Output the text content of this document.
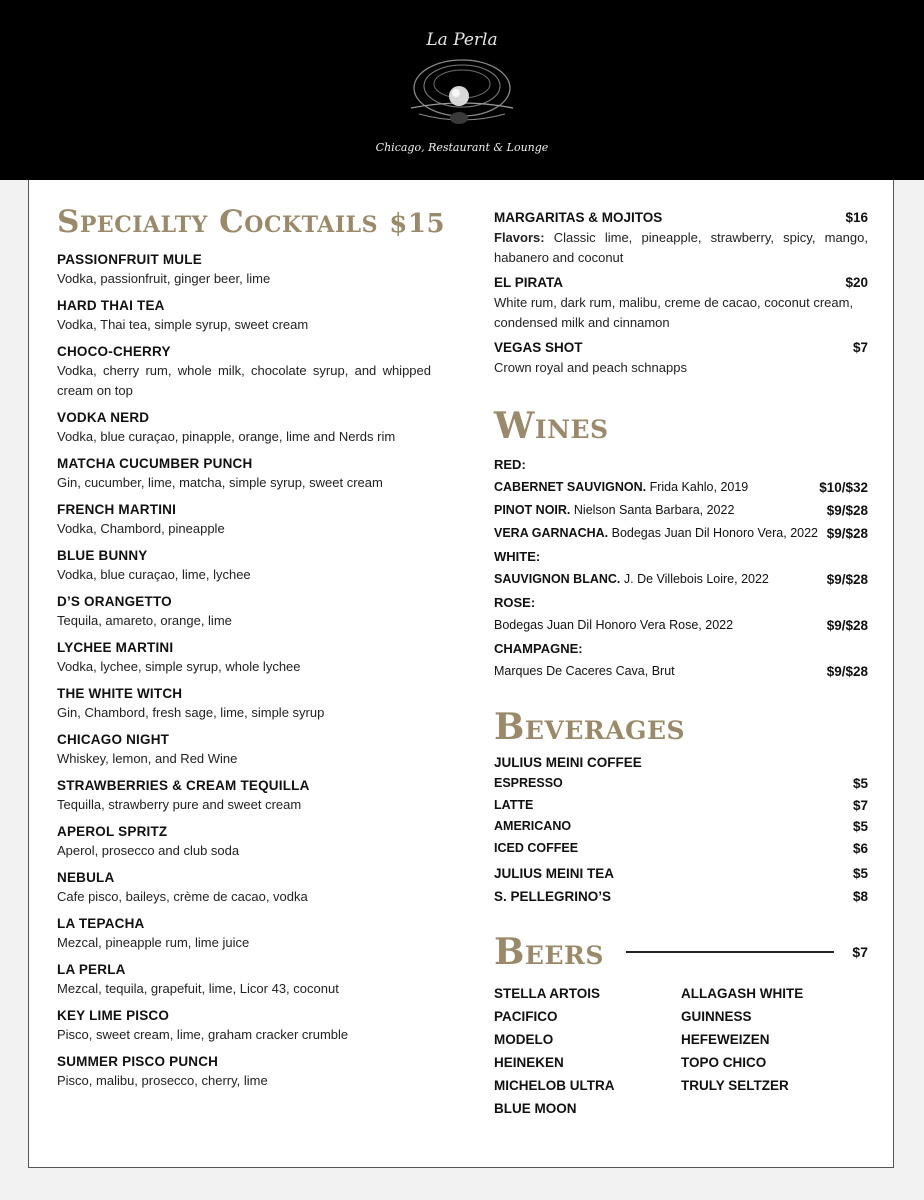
La Perla
Chicago, Restaurant & Lounge
Specialty Cocktails $15
PASSIONFRUIT MULE
Vodka, passionfruit, ginger beer, lime
HARD THAI TEA
Vodka, Thai tea, simple syrup, sweet cream
CHOCO-CHERRY
Vodka, cherry rum, whole milk, chocolate syrup, and whipped cream on top
VODKA NERD
Vodka, blue curaçao, pinapple, orange, lime and Nerds rim
MATCHA CUCUMBER PUNCH
Gin, cucumber, lime, matcha, simple syrup, sweet cream
FRENCH MARTINI
Vodka, Chambord, pineapple
BLUE BUNNY
Vodka, blue curaçao, lime, lychee
D’S ORANGETTO
Tequila, amareto, orange, lime
LYCHEE MARTINI
Vodka, lychee, simple syrup, whole lychee
THE WHITE WITCH
Gin, Chambord, fresh sage, lime, simple syrup
CHICAGO NIGHT
Whiskey, lemon, and Red Wine
STRAWBERRIES & CREAM TEQUILLA
Tequilla, strawberry pure and sweet cream
APEROL SPRITZ
Aperol, prosecco and club soda
NEBULA
Cafe pisco, baileys, crème de cacao, vodka
LA TEPACHA
Mezcal, pineapple rum, lime juice
LA PERLA
Mezcal, tequila, grapefuit, lime, Licor 43, coconut
KEY LIME PISCO
Pisco, sweet cream, lime, graham cracker crumble
SUMMER PISCO PUNCH
Pisco, malibu, prosecco, cherry, lime
MARGARITAS & MOJITOS	$16
Flavors: Classic lime, pineapple, strawberry, spicy, mango, habanero and coconut
EL PIRATA	$20
White rum, dark rum, malibu, creme de cacao, coconut cream, condensed milk and cinnamon
VEGAS SHOT	$7
Crown royal and peach schnapps
Wines
RED:
CABERNET SAUVIGNON. Frida Kahlo, 2019	$10/$32
PINOT NOIR. Nielson Santa Barbara, 2022	$9/$28
VERA GARNACHA. Bodegas Juan Dil Honoro Vera, 2022 $9/$28
WHITE:
SAUVIGNON BLANC. J. De Villebois Loire, 2022	$9/$28
ROSE:
Bodegas Juan Dil Honoro Vera Rose, 2022	$9/$28
CHAMPAGNE:
Marques De Caceres Cava, Brut	$9/$28
Beverages
JULIUS MEINI COFFEE
ESPRESSO	$5
LATTE	$7
AMERICANO	$5
ICED COFFEE	$6
JULIUS MEINI TEA	$5
S. PELLEGRINO’S	$8
Beers	$7
STELLA ARTOIS
PACIFICO
MODELO
HEINEKEN
MICHELOB ULTRA
BLUE MOON
ALLAGASH WHITE
GUINNESS
HEFEWEIZEN
TOPO CHICO
TRULY SELTZER
